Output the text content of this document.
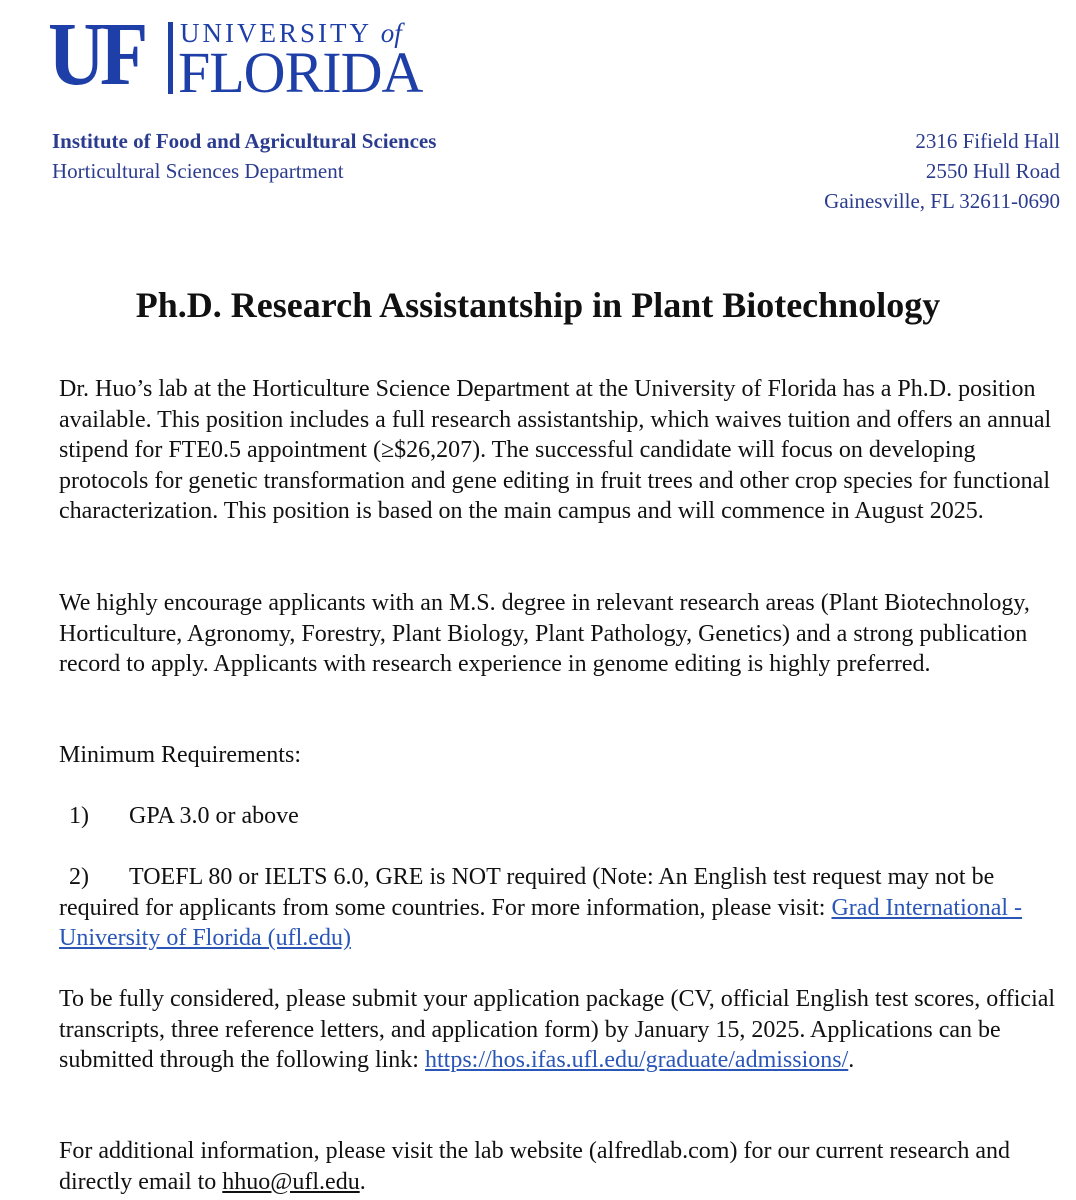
UF UNIVERSITY of
FLORIDA
Institute of Food and Agricultural Sciences
Horticultural Sciences Department
2316 Fifield Hall
2550 Hull Road
Gainesville, FL 32611-0690
Ph.D. Research Assistantship in Plant Biotechnology
Dr. Huo’s lab at the Horticulture Science Department at the University of Florida has a Ph.D. position available. This position includes a full research assistantship, which waives tuition and offers an annual stipend for FTE0.5 appointment (≥$26,207). The successful candidate will focus on developing protocols for genetic transformation and gene editing in fruit trees and other crop species for functional characterization. This position is based on the main campus and will commence in August 2025.
We highly encourage applicants with an M.S. degree in relevant research areas (Plant Biotechnology, Horticulture, Agronomy, Forestry, Plant Biology, Plant Pathology, Genetics) and a strong publication record to apply. Applicants with research experience in genome editing is highly preferred.
Minimum Requirements:
1) GPA 3.0 or above
2) TOEFL 80 or IELTS 6.0, GRE is NOT required (Note: An English test request may not be required for applicants from some countries. For more information, please visit: Grad International - University of Florida (ufl.edu)
To be fully considered, please submit your application package (CV, official English test scores, official transcripts, three reference letters, and application form) by January 15, 2025. Applications can be submitted through the following link: https://hos.ifas.ufl.edu/graduate/admissions/.
For additional information, please visit the lab website (alfredlab.com) for our current research and directly email to hhuo@ufl.edu.
